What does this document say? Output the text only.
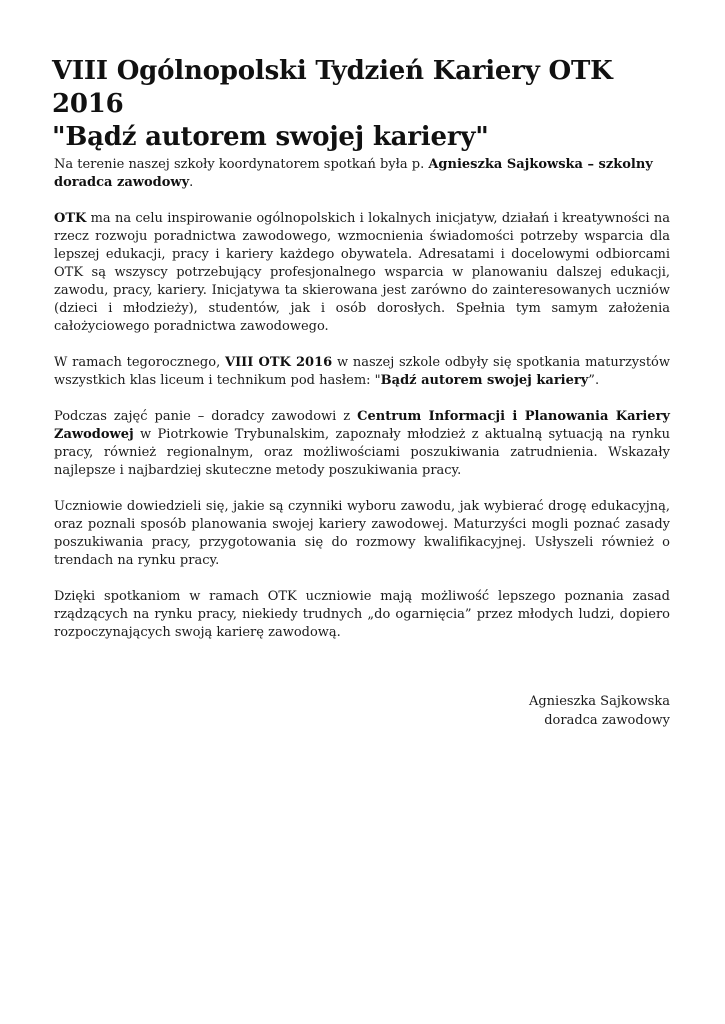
VIII Ogólnopolski Tydzień Kariery OTK 2016
"Bądź autorem swojej kariery"

Na terenie naszej szkoły koordynatorem spotkań była p. Agnieszka Sajkowska – szkolny doradca zawodowy.

OTK ma na celu inspirowanie ogólnopolskich i lokalnych inicjatyw, działań i kreatywności na rzecz rozwoju poradnictwa zawodowego, wzmocnienia świadomości potrzeby wsparcia dla lepszej edukacji, pracy i kariery każdego obywatela. Adresatami i docelowymi odbiorcami OTK są wszyscy potrzebujący profesjonalnego wsparcia w planowaniu dalszej edukacji, zawodu, pracy, kariery. Inicjatywa ta skierowana jest zarówno do zainteresowanych uczniów (dzieci i młodzieży), studentów, jak i osób dorosłych. Spełnia tym samym założenia całożyciowego poradnictwa zawodowego.

W ramach tegorocznego, VIII OTK 2016 w naszej szkole odbyły się spotkania maturzystów wszystkich klas liceum i technikum pod hasłem: "Bądź autorem swojej kariery”.

Podczas zajęć panie – doradcy zawodowi z Centrum Informacji i Planowania Kariery Zawodowej w Piotrkowie Trybunalskim, zapoznały młodzież z aktualną sytuacją na rynku pracy, również regionalnym, oraz możliwościami poszukiwania zatrudnienia. Wskazały najlepsze i najbardziej skuteczne metody poszukiwania pracy.

Uczniowie dowiedzieli się, jakie są czynniki wyboru zawodu, jak wybierać drogę edukacyjną, oraz poznali sposób planowania swojej kariery zawodowej. Maturzyści mogli poznać zasady poszukiwania pracy, przygotowania się do rozmowy kwalifikacyjnej. Usłyszeli również o trendach na rynku pracy.

Dzięki spotkaniom w ramach OTK uczniowie mają możliwość lepszego poznania zasad rządzących na rynku pracy, niekiedy trudnych „do ogarnięcia” przez młodych ludzi, dopiero rozpoczynających swoją karierę zawodową.

Agnieszka Sajkowska
doradca zawodowy
